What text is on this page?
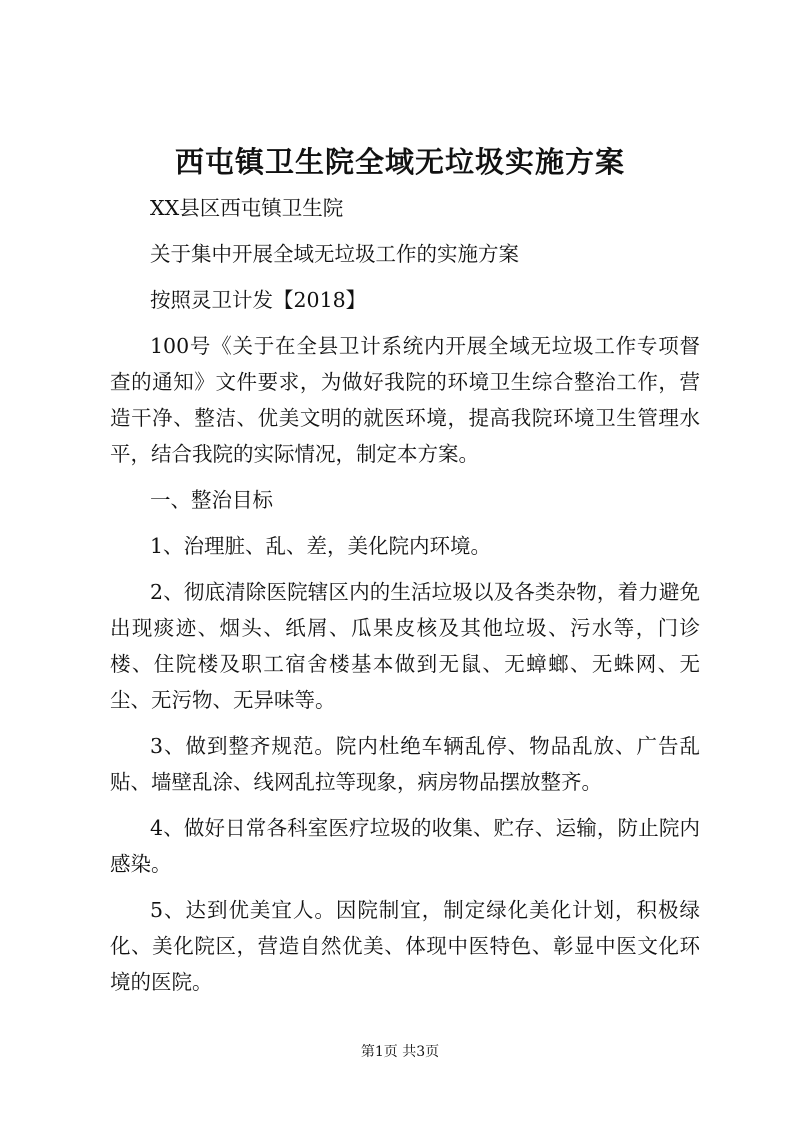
西屯镇卫生院全域无垃圾实施方案

XX县区西屯镇卫生院

关于集中开展全域无垃圾工作的实施方案

按照灵卫计发【2018】

100号《关于在全县卫计系统内开展全域无垃圾工作专项督查的通知》文件要求，为做好我院的环境卫生综合整治工作，营造干净、整洁、优美文明的就医环境，提高我院环境卫生管理水平，结合我院的实际情况，制定本方案。

一、整治目标

1、治理脏、乱、差，美化院内环境。

2、彻底清除医院辖区内的生活垃圾以及各类杂物，着力避免出现痰迹、烟头、纸屑、瓜果皮核及其他垃圾、污水等，门诊楼、住院楼及职工宿舍楼基本做到无鼠、无蟑螂、无蛛网、无尘、无污物、无异味等。

3、做到整齐规范。院内杜绝车辆乱停、物品乱放、广告乱贴、墙壁乱涂、线网乱拉等现象，病房物品摆放整齐。

4、做好日常各科室医疗垃圾的收集、贮存、运输，防止院内感染。

5、达到优美宜人。因院制宜，制定绿化美化计划，积极绿化、美化院区，营造自然优美、体现中医特色、彰显中医文化环境的医院。

第1页 共3页
